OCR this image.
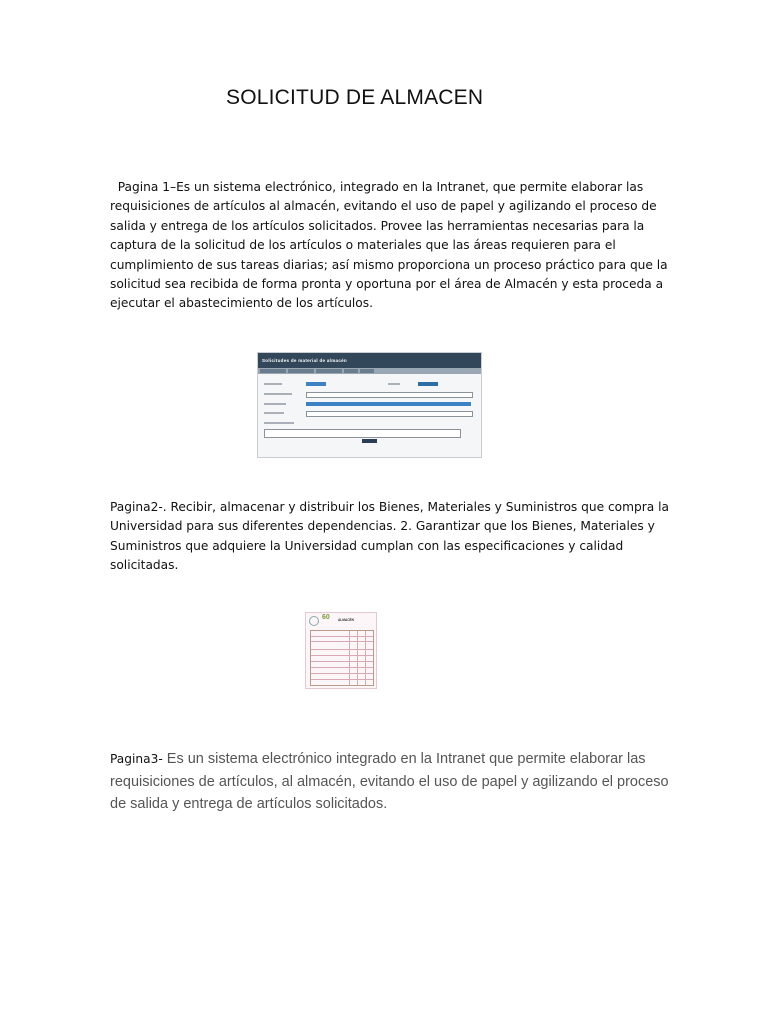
SOLICITUD DE ALMACEN

Pagina 1–Es un sistema electrónico, integrado en la Intranet, que permite elaborar las requisiciones de artículos al almacén, evitando el uso de papel y agilizando el proceso de salida y entrega de los artículos solicitados. Provee las herramientas necesarias para la captura de la solicitud de los artículos o materiales que las áreas requieren para el cumplimiento de sus tareas diarias; así mismo proporciona un proceso práctico para que la solicitud sea recibida de forma pronta y oportuna por el área de Almacén y esta proceda a ejecutar el abastecimiento de los artículos.

Solicitudes de material de almacén

Pagina2-. Recibir, almacenar y distribuir los Bienes, Materiales y Suministros que compra la Universidad para sus diferentes dependencias. 2. Garantizar que los Bienes, Materiales y Suministros que adquiere la Universidad cumplan con las especificaciones y calidad solicitadas.

60	ALMACÉN

Pagina3- Es un sistema electrónico integrado en la Intranet que permite elaborar las requisiciones de artículos, al almacén, evitando el uso de papel y agilizando el proceso de salida y entrega de artículos solicitados.
